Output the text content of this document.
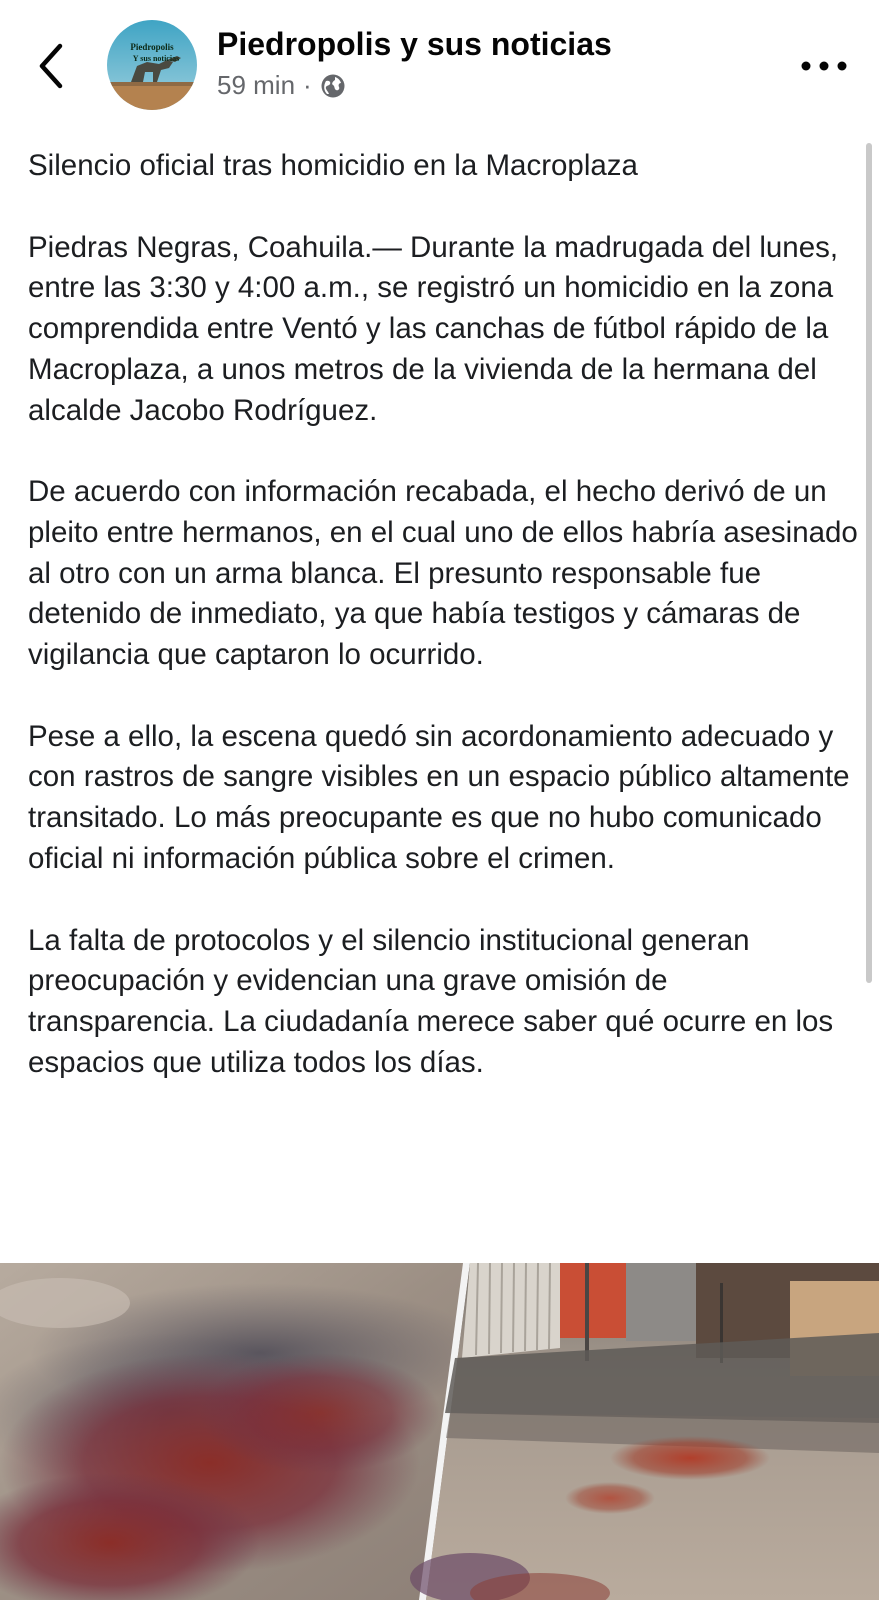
Piedropolis
Y sus noticias Piedropolis y sus noticias
59 min ·

Silencio oficial tras homicidio en la Macroplaza

Piedras Negras, Coahuila.— Durante la madrugada del lunes, entre las 3:30 y 4:00 a.m., se registró un homicidio en la zona comprendida entre Ventó y las canchas de fútbol rápido de la Macroplaza, a unos metros de la vivienda de la hermana del alcalde Jacobo Rodríguez.

De acuerdo con información recabada, el hecho derivó de un pleito entre hermanos, en el cual uno de ellos habría asesinado al otro con un arma blanca. El presunto responsable fue detenido de inmediato, ya que había testigos y cámaras de vigilancia que captaron lo ocurrido.

Pese a ello, la escena quedó sin acordonamiento adecuado y con rastros de sangre visibles en un espacio público altamente transitado. Lo más preocupante es que no hubo comunicado oficial ni información pública sobre el crimen.

La falta de protocolos y el silencio institucional generan preocupación y evidencian una grave omisión de transparencia. La ciudadanía merece saber qué ocurre en los espacios que utiliza todos los días.
